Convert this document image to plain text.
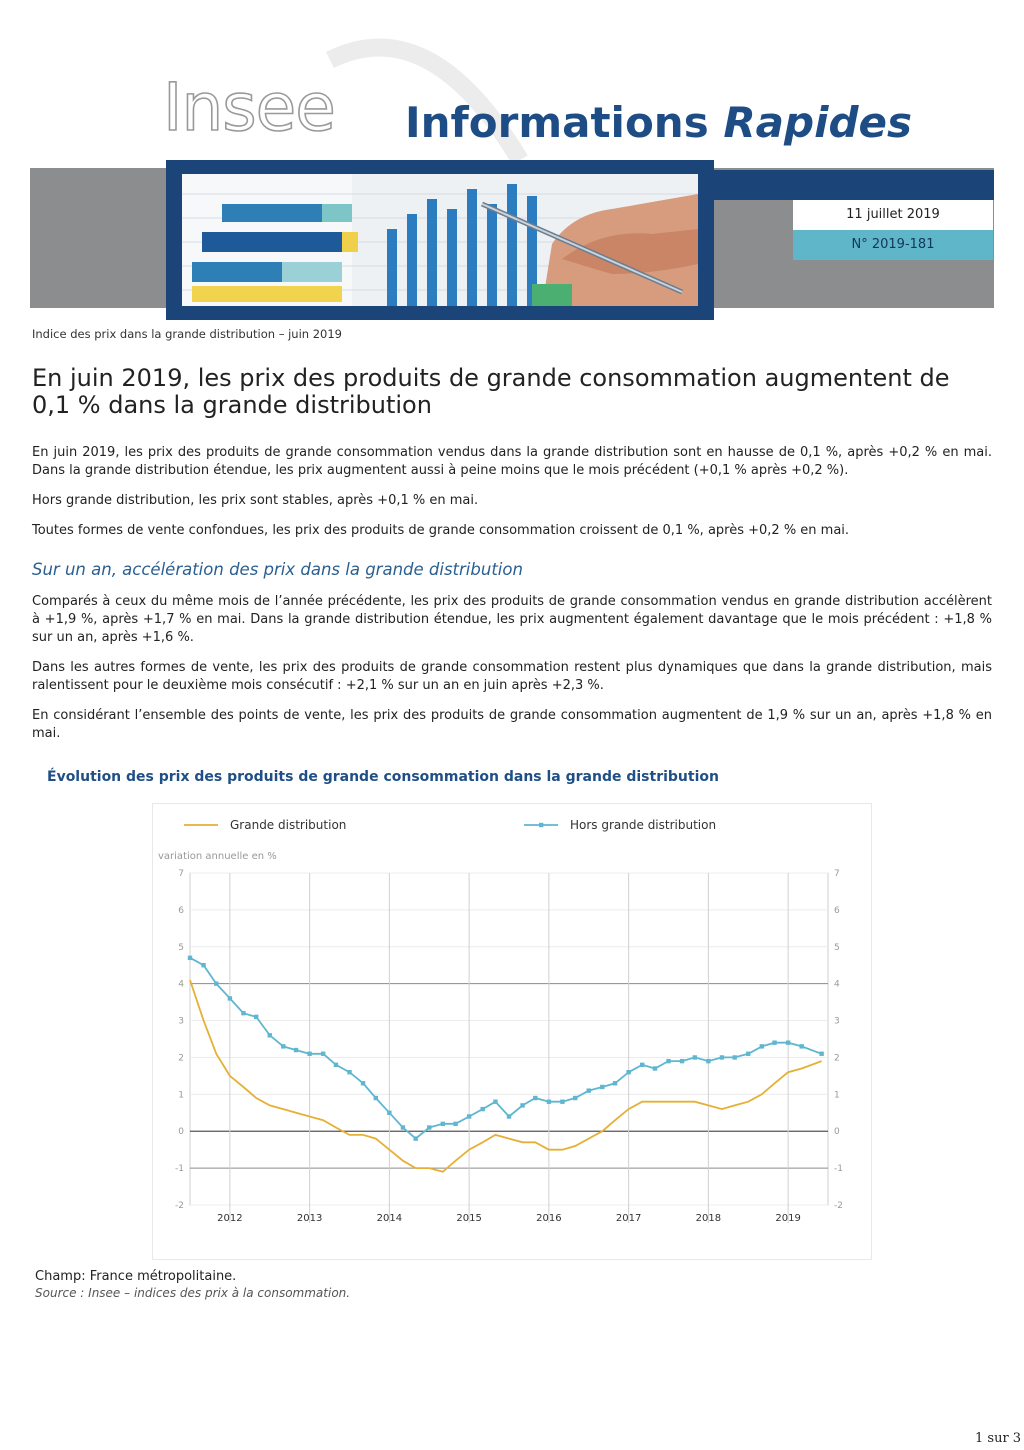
Insee Informations Rapides
11 juillet 2019
N° 2019-181
Indice des prix dans la grande distribution – juin 2019
En juin 2019, les prix des produits de grande consommation augmentent de 0,1 % dans la grande distribution
En juin 2019, les prix des produits de grande consommation vendus dans la grande distribution sont en hausse de 0,1 %, après +0,2 % en mai. Dans la grande distribution étendue, les prix augmentent aussi à peine moins que le mois précédent (+0,1 % après +0,2 %).
Hors grande distribution, les prix sont stables, après +0,1 % en mai.
Toutes formes de vente confondues, les prix des produits de grande consommation croissent de 0,1 %, après +0,2 % en mai.
Sur un an, accélération des prix dans la grande distribution
Comparés à ceux du même mois de l’année précédente, les prix des produits de grande consommation vendus en grande distribution accélèrent à +1,9 %, après +1,7 % en mai. Dans la grande distribution étendue, les prix augmentent également davantage que le mois précédent : +1,8 % sur un an, après +1,6 %.
Dans les autres formes de vente, les prix des produits de grande consommation restent plus dynamiques que dans la grande distribution, mais ralentissent pour le deuxième mois consécutif : +2,1 % sur un an en juin après +2,3 %.
En considérant l’ensemble des points de vente, les prix des produits de grande consommation augmentent de 1,9 % sur un an, après +1,8 % en mai.
Évolution des prix des produits de grande consommation dans la grande distribution
7	7
6	6
5	5
4	4
3	3
2	2
1	1
0	0
-1	-1
-2	-2
2012	2013	2014	2015	2016	2017	2018	2019
variation annuelle en %
Grande distribution	Hors grande distribution
Champ: France métropolitaine.
Source : Insee – indices des prix à la consommation.
1 sur 3
